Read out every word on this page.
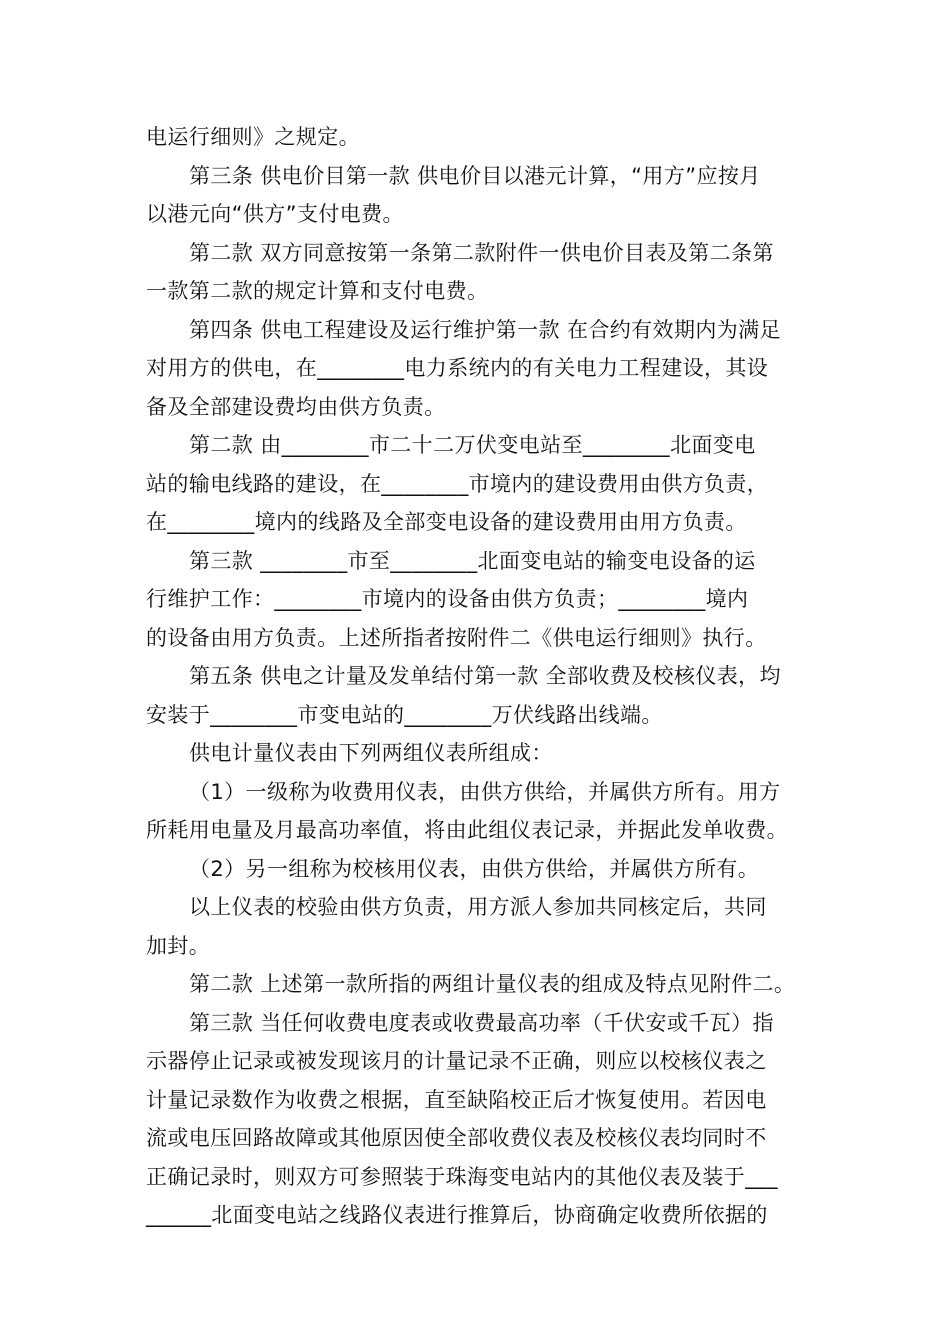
电运行细则》之规定。
第三条 供电价目第一款 供电价目以港元计算，“用方”应按月
以港元向“供方”支付电费。
第二款 双方同意按第一条第二款附件一供电价目表及第二条第
一款第二款的规定计算和支付电费。
第四条 供电工程建设及运行维护第一款 在合约有效期内为满足
对用方的供电，在________电力系统内的有关电力工程建设，其设
备及全部建设费均由供方负责。
第二款 由________市二十二万伏变电站至________北面变电
站的输电线路的建设，在________市境内的建设费用由供方负责，
在________境内的线路及全部变电设备的建设费用由用方负责。
第三款 ________市至________北面变电站的输变电设备的运
行维护工作：________市境内的设备由供方负责；________境内
的设备由用方负责。上述所指者按附件二《供电运行细则》执行。
第五条 供电之计量及发单结付第一款 全部收费及校核仪表，均
安装于________市变电站的________万伏线路出线端。
供电计量仪表由下列两组仪表所组成：
（1）一级称为收费用仪表，由供方供给，并属供方所有。用方
所耗用电量及月最高功率值，将由此组仪表记录，并据此发单收费。
（2）另一组称为校核用仪表，由供方供给，并属供方所有。
以上仪表的校验由供方负责，用方派人参加共同核定后，共同
加封。
第二款 上述第一款所指的两组计量仪表的组成及特点见附件二。
第三款 当任何收费电度表或收费最高功率（千伏安或千瓦）指
示器停止记录或被发现该月的计量记录不正确，则应以校核仪表之
计量记录数作为收费之根据，直至缺陷校正后才恢复使用。若因电
流或电压回路故障或其他原因使全部收费仪表及校核仪表均同时不
正确记录时，则双方可参照装于珠海变电站内的其他仪表及装于___
______北面变电站之线路仪表进行推算后，协商确定收费所依据的
